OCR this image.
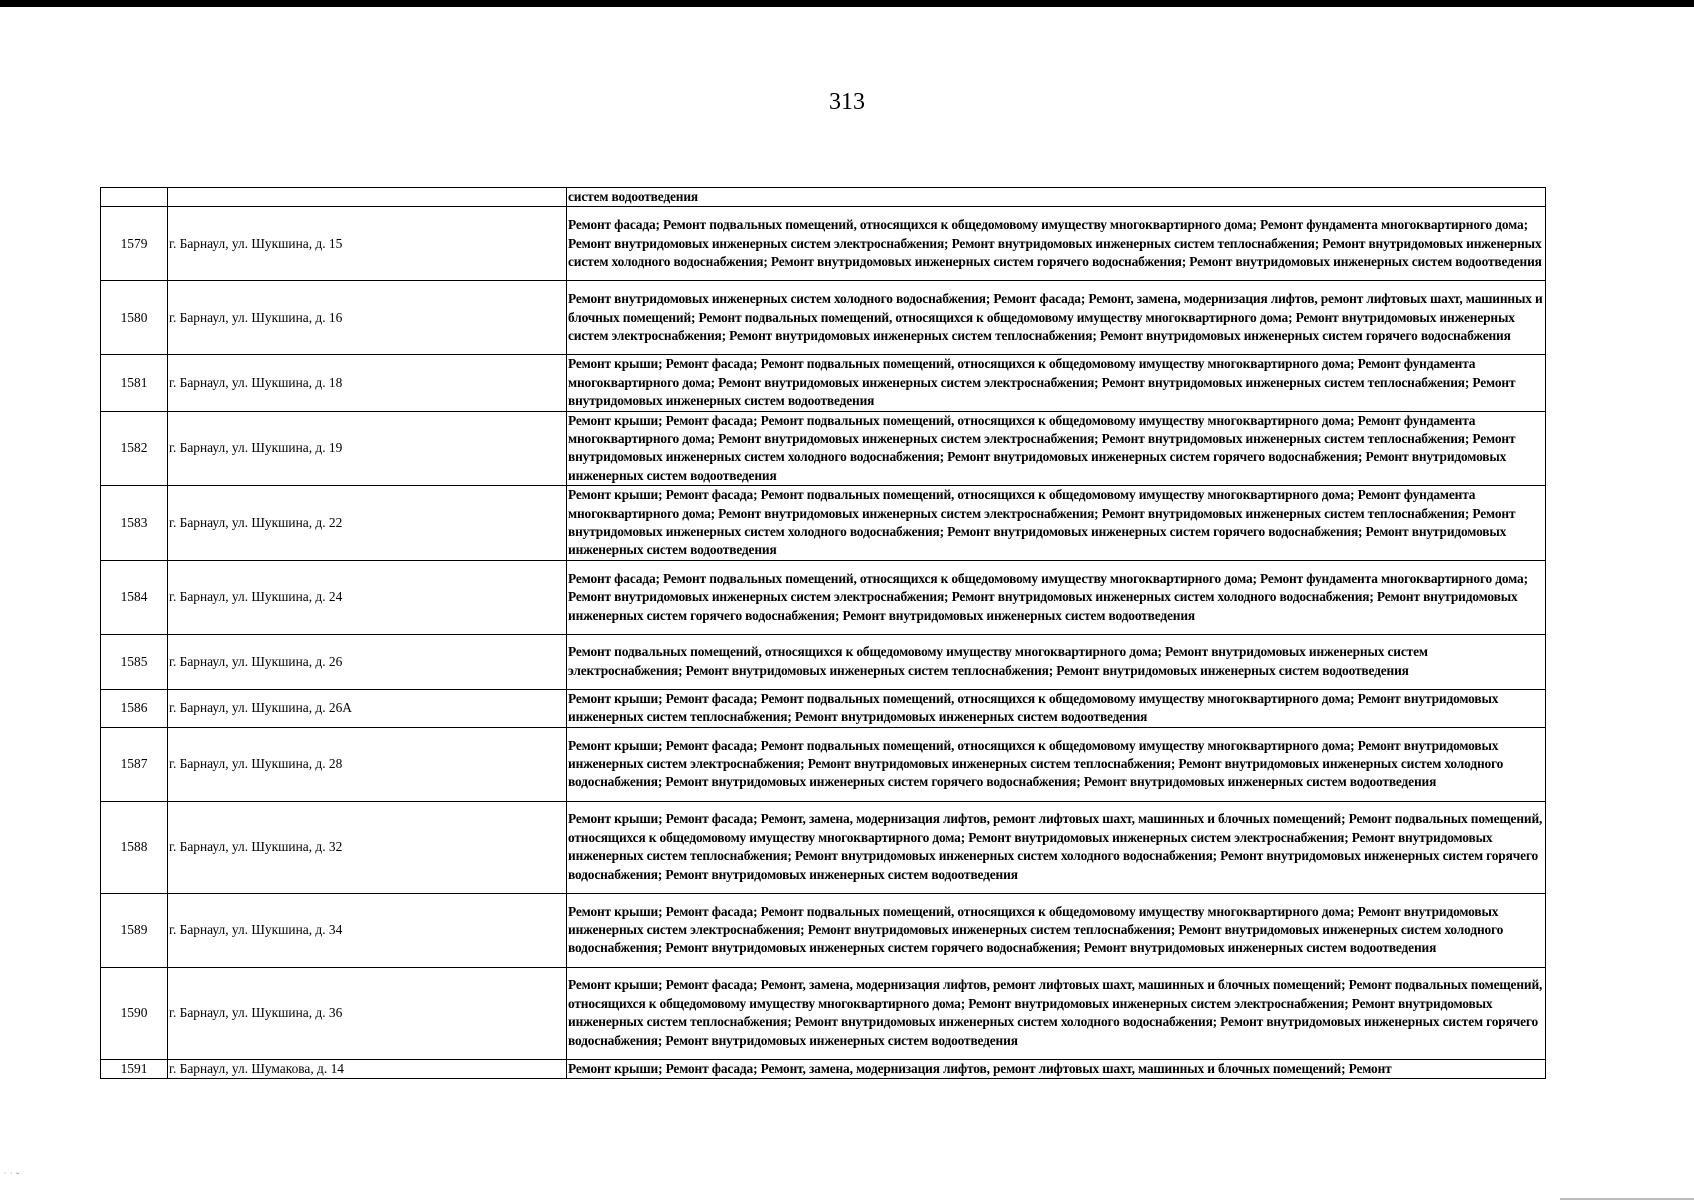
313
		систем водоотведения
1579	г. Барнаул, ул. Шукшина, д. 15	Ремонт фасада; Ремонт подвальных помещений, относящихся к общедомовому имуществу многоквартирного дома; Ремонт фундамента многоквартирного дома; Ремонт внутридомовых инженерных систем электроснабжения; Ремонт внутридомовых инженерных систем теплоснабжения; Ремонт внутридомовых инженерных систем холодного водоснабжения; Ремонт внутридомовых инженерных систем горячего водоснабжения; Ремонт внутридомовых инженерных систем водоотведения
1580	г. Барнаул, ул. Шукшина, д. 16	Ремонт внутридомовых инженерных систем холодного водоснабжения; Ремонт фасада; Ремонт, замена, модернизация лифтов, ремонт лифтовых шахт, машинных и блочных помещений; Ремонт подвальных помещений, относящихся к общедомовому имуществу многоквартирного дома; Ремонт внутридомовых инженерных систем электроснабжения; Ремонт внутридомовых инженерных систем теплоснабжения; Ремонт внутридомовых инженерных систем горячего водоснабжения
1581	г. Барнаул, ул. Шукшина, д. 18	Ремонт крыши; Ремонт фасада; Ремонт подвальных помещений, относящихся к общедомовому имуществу многоквартирного дома; Ремонт фундамента многоквартирного дома; Ремонт внутридомовых инженерных систем электроснабжения; Ремонт внутридомовых инженерных систем теплоснабжения; Ремонт внутридомовых инженерных систем водоотведения
1582	г. Барнаул, ул. Шукшина, д. 19	Ремонт крыши; Ремонт фасада; Ремонт подвальных помещений, относящихся к общедомовому имуществу многоквартирного дома; Ремонт фундамента многоквартирного дома; Ремонт внутридомовых инженерных систем электроснабжения; Ремонт внутридомовых инженерных систем теплоснабжения; Ремонт внутридомовых инженерных систем холодного водоснабжения; Ремонт внутридомовых инженерных систем горячего водоснабжения; Ремонт внутридомовых инженерных систем водоотведения
1583	г. Барнаул, ул. Шукшина, д. 22	Ремонт крыши; Ремонт фасада; Ремонт подвальных помещений, относящихся к общедомовому имуществу многоквартирного дома; Ремонт фундамента многоквартирного дома; Ремонт внутридомовых инженерных систем электроснабжения; Ремонт внутридомовых инженерных систем теплоснабжения; Ремонт внутридомовых инженерных систем холодного водоснабжения; Ремонт внутридомовых инженерных систем горячего водоснабжения; Ремонт внутридомовых инженерных систем водоотведения
1584	г. Барнаул, ул. Шукшина, д. 24	Ремонт фасада; Ремонт подвальных помещений, относящихся к общедомовому имуществу многоквартирного дома; Ремонт фундамента многоквартирного дома; Ремонт внутридомовых инженерных систем электроснабжения; Ремонт внутридомовых инженерных систем холодного водоснабжения; Ремонт внутридомовых инженерных систем горячего водоснабжения; Ремонт внутридомовых инженерных систем водоотведения
1585	г. Барнаул, ул. Шукшина, д. 26	Ремонт подвальных помещений, относящихся к общедомовому имуществу многоквартирного дома; Ремонт внутридомовых инженерных систем электроснабжения; Ремонт внутридомовых инженерных систем теплоснабжения; Ремонт внутридомовых инженерных систем водоотведения
1586	г. Барнаул, ул. Шукшина, д. 26А	Ремонт крыши; Ремонт фасада; Ремонт подвальных помещений, относящихся к общедомовому имуществу многоквартирного дома; Ремонт внутридомовых инженерных систем теплоснабжения; Ремонт внутридомовых инженерных систем водоотведения
1587	г. Барнаул, ул. Шукшина, д. 28	Ремонт крыши; Ремонт фасада; Ремонт подвальных помещений, относящихся к общедомовому имуществу многоквартирного дома; Ремонт внутридомовых инженерных систем электроснабжения; Ремонт внутридомовых инженерных систем теплоснабжения; Ремонт внутридомовых инженерных систем холодного водоснабжения; Ремонт внутридомовых инженерных систем горячего водоснабжения; Ремонт внутридомовых инженерных систем водоотведения
1588	г. Барнаул, ул. Шукшина, д. 32	Ремонт крыши; Ремонт фасада; Ремонт, замена, модернизация лифтов, ремонт лифтовых шахт, машинных и блочных помещений; Ремонт подвальных помещений, относящихся к общедомовому имуществу многоквартирного дома; Ремонт внутридомовых инженерных систем электроснабжения; Ремонт внутридомовых инженерных систем теплоснабжения; Ремонт внутридомовых инженерных систем холодного водоснабжения; Ремонт внутридомовых инженерных систем горячего водоснабжения; Ремонт внутридомовых инженерных систем водоотведения
1589	г. Барнаул, ул. Шукшина, д. 34	Ремонт крыши; Ремонт фасада; Ремонт подвальных помещений, относящихся к общедомовому имуществу многоквартирного дома; Ремонт внутридомовых инженерных систем электроснабжения; Ремонт внутридомовых инженерных систем теплоснабжения; Ремонт внутридомовых инженерных систем холодного водоснабжения; Ремонт внутридомовых инженерных систем горячего водоснабжения; Ремонт внутридомовых инженерных систем водоотведения
1590	г. Барнаул, ул. Шукшина, д. 36	Ремонт крыши; Ремонт фасада; Ремонт, замена, модернизация лифтов, ремонт лифтовых шахт, машинных и блочных помещений; Ремонт подвальных помещений, относящихся к общедомовому имуществу многоквартирного дома; Ремонт внутридомовых инженерных систем электроснабжения; Ремонт внутридомовых инженерных систем теплоснабжения; Ремонт внутридомовых инженерных систем холодного водоснабжения; Ремонт внутридомовых инженерных систем горячего водоснабжения; Ремонт внутридомовых инженерных систем водоотведения
1591	г. Барнаул, ул. Шумакова, д. 14	Ремонт крыши; Ремонт фасада; Ремонт, замена, модернизация лифтов, ремонт лифтовых шахт, машинных и блочных помещений; Ремонт
˙ ˙ ˘
